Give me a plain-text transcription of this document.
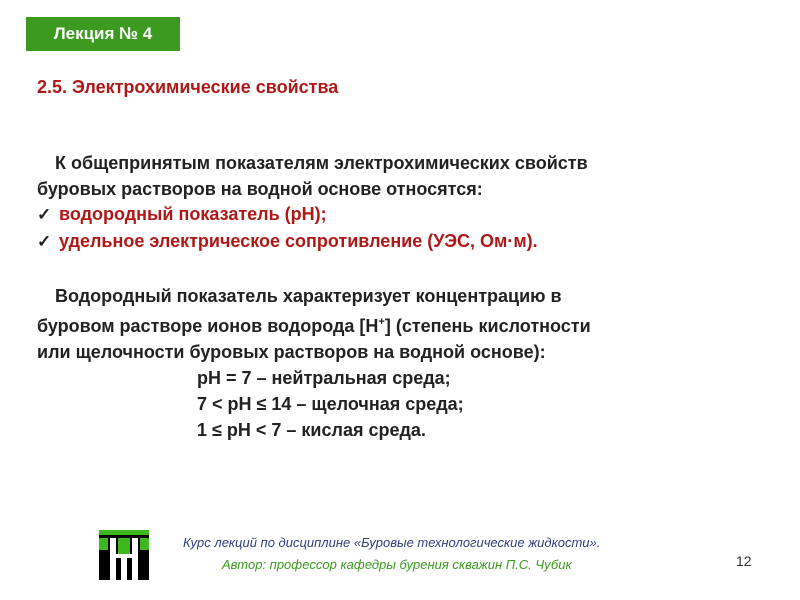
Лекция № 4
2.5. Электрохимические свойства
К общепринятым показателям электрохимических свойств
буровых растворов на водной основе относятся:
✓ водородный показатель (рН);
✓ удельное электрическое сопротивление (УЭС, Ом·м).
Водородный показатель характеризует концентрацию в
буровом растворе ионов водорода [Н+] (степень кислотности
или щелочности буровых растворов на водной основе):
рН = 7 – нейтральная среда;
7 < рН ≤ 14 – щелочная среда;
1 ≤ рН < 7 – кислая среда.
Курс лекций по дисциплине «Буровые технологические жидкости».
Автор: профессор кафедры бурения скважин П.С. Чубик	12
